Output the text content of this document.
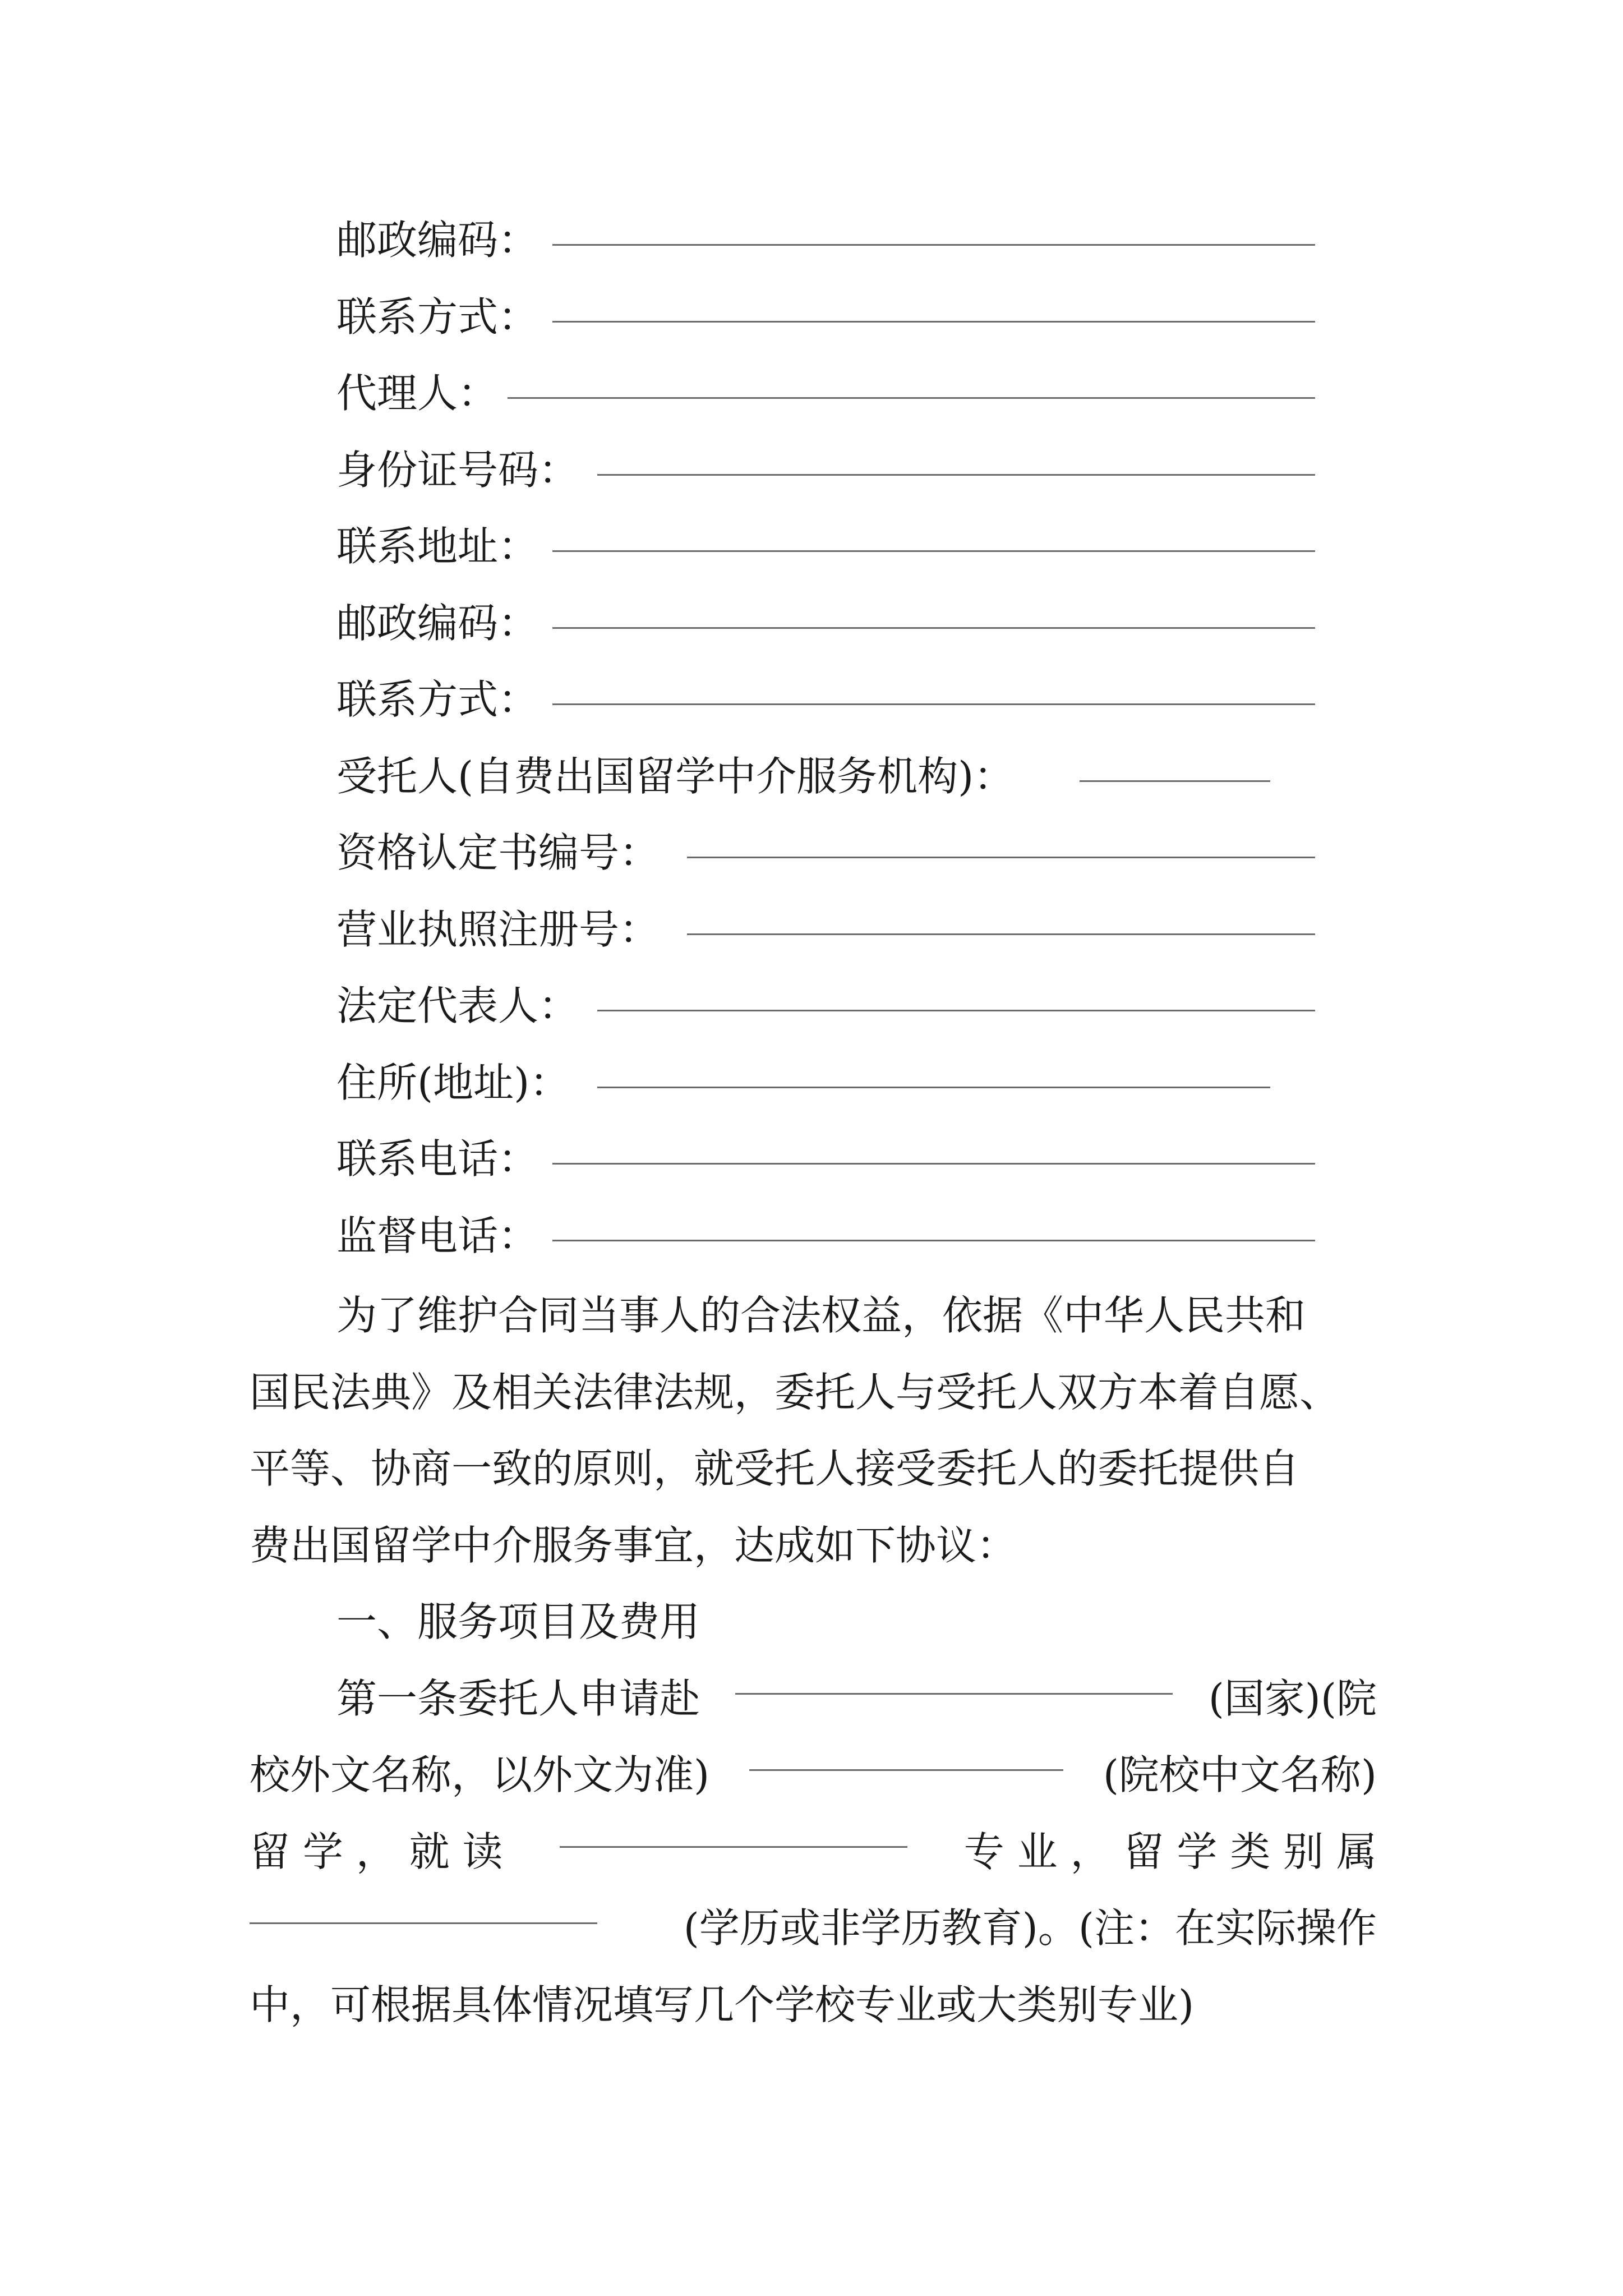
邮政编码：
联系方式：
代理人：
身份证号码：
联系地址：
邮政编码：
联系方式：
受托人(自费出国留学中介服务机构)：
资格认定书编号：
营业执照注册号：
法定代表人：
住所(地址)：
联系电话：
监督电话：
为了维护合同当事人的合法权益，依据《中华人民共和
国民法典》及相关法律法规，委托人与受托人双方本着自愿、
平等、协商一致的原则，就受托人接受委托人的委托提供自
费出国留学中介服务事宜，达成如下协议：
一、服务项目及费用
第一条委托人申请赴	(国家)(院
校外文名称，以外文为准)	(院校中文名称)
留 学 ， 就 读	专 业 ， 留 学 类 别 属
(学历或非学历教育)。(注：在实际操作
中，可根据具体情况填写几个学校专业或大类别专业)
